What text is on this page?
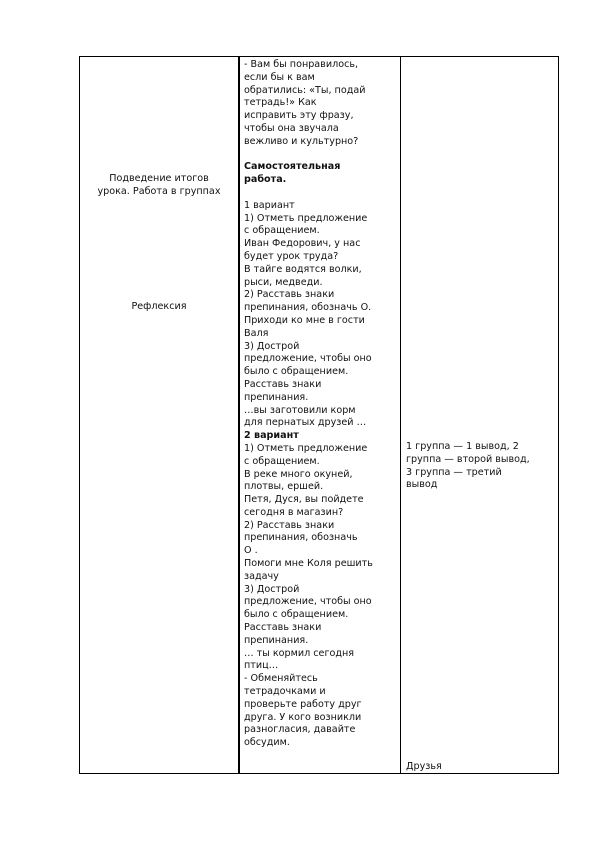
Подведение итогов
урока. Работа в группах
Рефлексия
- Вам бы понравилось,
если бы к вам
обратились: «Ты, подай
тетрадь!» Как
исправить эту фразу,
чтобы она звучала
вежливо и культурно?
Самостоятельная
работа.
1 вариант
1) Отметь предложение
с обращением.
Иван Федорович, у нас
будет урок труда?
В тайге водятся волки,
рыси, медведи.
2) Расставь знаки
препинания, обозначь О.
Приходи ко мне в гости
Валя
3) Дострой
предложение, чтобы оно
было с обращением.
Расставь знаки
препинания.
…вы заготовили корм
для пернатых друзей …
2 вариант
1) Отметь предложение
с обращением.
В реке много окуней,
плотвы, ершей.
Петя, Дуся, вы пойдете
сегодня в магазин?
2) Расставь знаки
препинания, обозначь
О .
Помоги мне Коля решить
задачу
3) Дострой
предложение, чтобы оно
было с обращением.
Расставь знаки
препинания.
… ты кормил сегодня
птиц…
- Обменяйтесь
тетрадочками и
проверьте работу друг
друга. У кого возникли
разногласия, давайте
обсудим.
1 группа — 1 вывод, 2
группа — второй вывод,
3 группа — третий
вывод
Друзья
